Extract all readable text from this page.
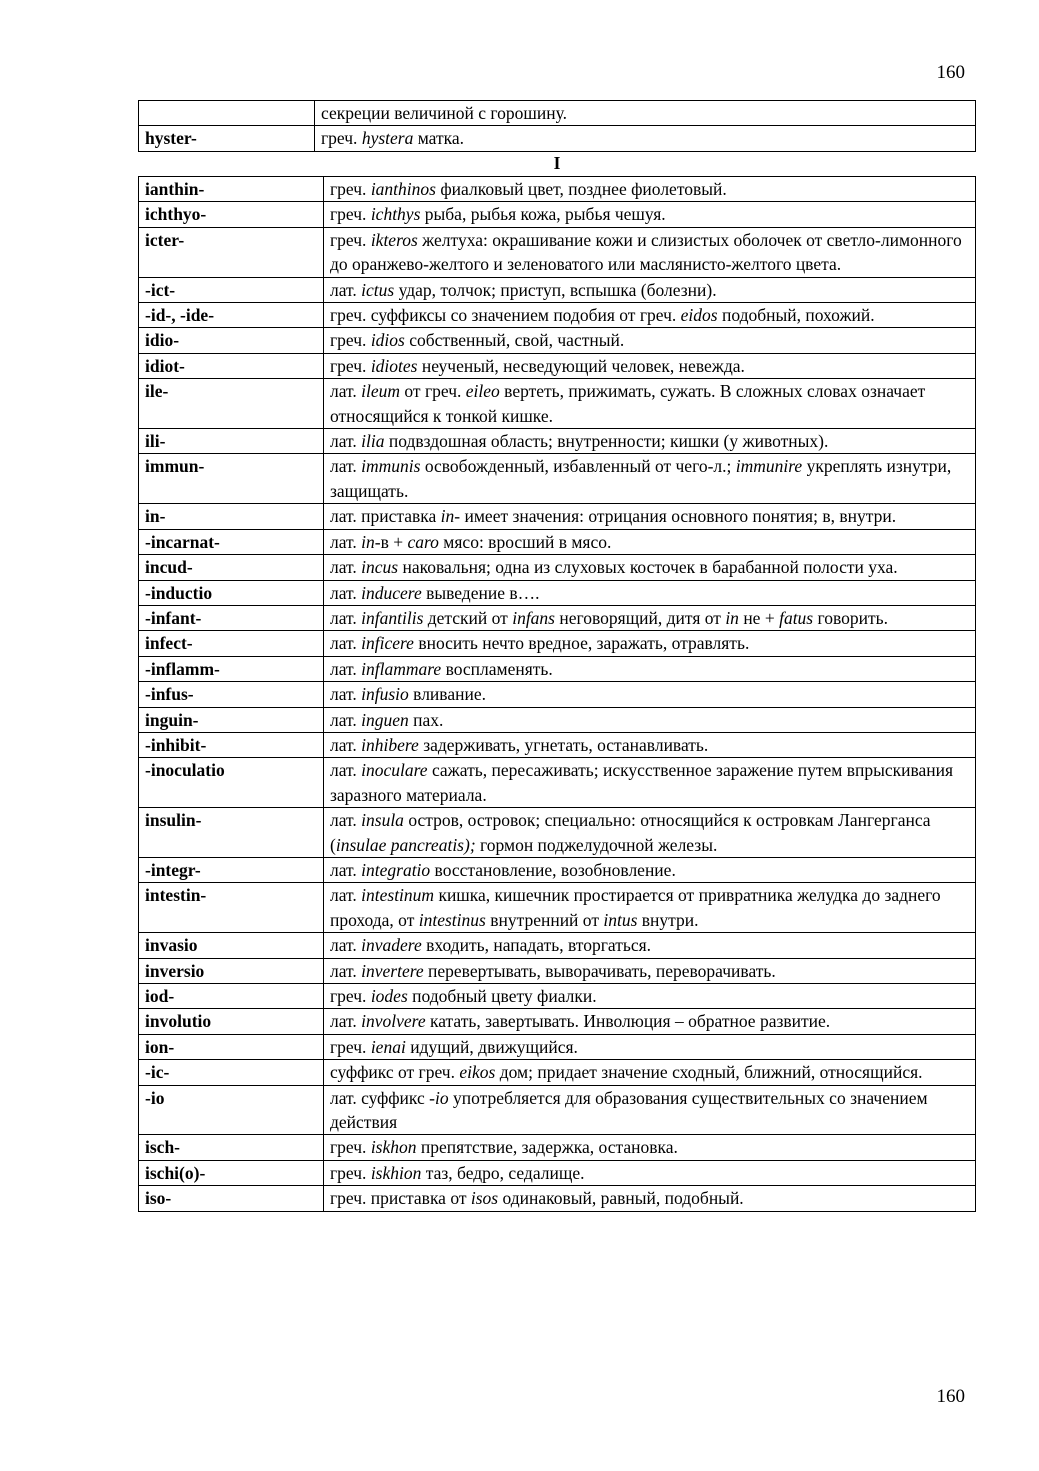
160
	секреции величиной с горошину.
hyster-	греч. hystera матка.
I
ianthin-	греч. ianthinos фиалковый цвет, позднее фиолетовый.
ichthyo-	греч. ichthys рыба, рыбья кожа, рыбья чешуя.
icter-	греч. ikteros желтуха: окрашивание кожи и слизистых оболочек от светло-лимонного до оранжево-желтого и зеленоватого или маслянисто-желтого цвета.
-ict-	лат. ictus удар, толчок; приступ, вспышка (болезни).
-id-, -ide-	греч. суффиксы со значением подобия от греч. eidos подобный, похожий.
idio-	греч. idios собственный, свой, частный.
idiot-	греч. idiotes неученый, несведующий человек, невежда.
ile-	лат. ileum от греч. eileo вертеть, прижимать, сужать. В сложных словах означает относящийся к тонкой кишке.
ili-	лат. ilia подвздошная область; внутренности; кишки (у животных).
immun-	лат. immunis освобожденный, избавленный от чего-л.; immunire укреплять изнутри, защищать.
in-	лат. приставка in- имеет значения: отрицания основного понятия; в, внутри.
-incarnat-	лат. in-в + caro мясо: вросший в мясо.
incud-	лат. incus наковальня; одна из слуховых косточек в барабанной полости уха.
-inductio	лат. inducere выведение в….
-infant-	лат. infantilis детский от infans неговорящий, дитя от in не + fatus говорить.
infect-	лат. inficere вносить нечто вредное, заражать, отравлять.
-inflamm-	лат. inflammare воспламенять.
-infus-	лат. infusio вливание.
inguin-	лат. inguen пах.
-inhibit-	лат. inhibere задерживать, угнетать, останавливать.
-inoculatio	лат. inoculare сажать, пересаживать; искусственное заражение путем впрыскивания заразного материала.
insulin-	лат. insula остров, островок; специально: относящийся к островкам Лангерганса (insulae pancreatis); гормон поджелудочной железы.
-integr-	лат. integratio восстановление, возобновление.
intestin-	лат. intestinum кишка, кишечник простирается от привратника желудка до заднего прохода, от intestinus внутренний от intus внутри.
invasio	лат. invadere входить, нападать, вторгаться.
inversio	лат. invertere перевертывать, выворачивать, переворачивать.
iod-	греч. iodes подобный цвету фиалки.
involutio	лат. involvere катать, завертывать. Инволюция – обратное развитие.
ion-	греч. ienai идущий, движущийся.
-ic-	суффикс от греч. eikos дом; придает значение сходный, ближний, относящийся.
-io	лат. суффикс -io употребляется для образования существительных со значением действия
isch-	греч. iskhon препятствие, задержка, остановка.
ischi(o)-	греч. iskhion таз, бедро, седалище.
iso-	греч. приставка от isos одинаковый, равный, подобный.
160
